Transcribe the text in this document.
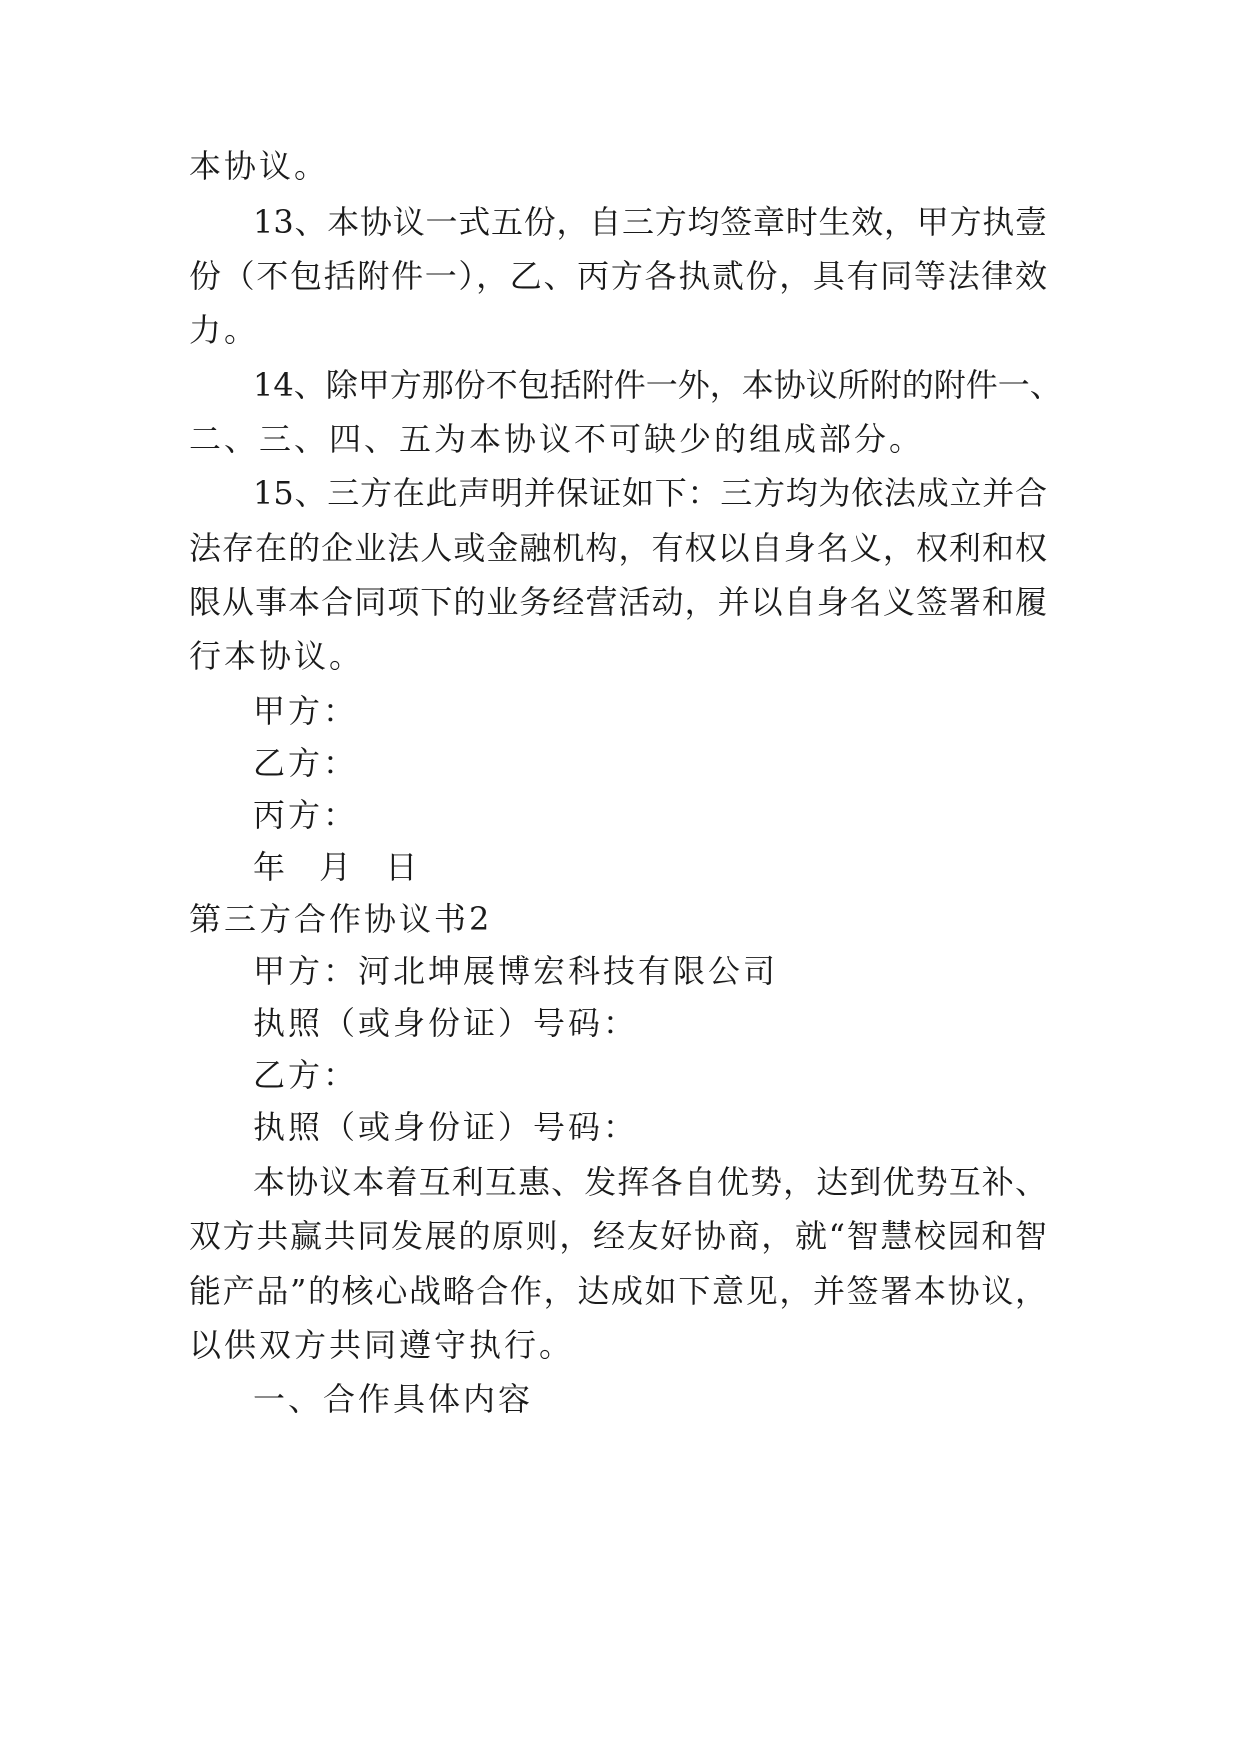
本协议。
13、本协议一式五份，自三方均签章时生效，甲方执壹
份（不包括附件一），乙、丙方各执贰份，具有同等法律效
力。
14、除甲方那份不包括附件一外，本协议所附的附件一、
二、三、四、五为本协议不可缺少的组成部分。
15、三方在此声明并保证如下：三方均为依法成立并合
法存在的企业法人或金融机构，有权以自身名义，权利和权
限从事本合同项下的业务经营活动，并以自身名义签署和履
行本协议。
甲方：
乙方：
丙方：
年 月 日
第三方合作协议书2
甲方：河北坤展博宏科技有限公司
执照（或身份证）号码：
乙方：
执照（或身份证）号码：
本协议本着互利互惠、发挥各自优势，达到优势互补、
双方共赢共同发展的原则，经友好协商，就“智慧校园和智
能产品”的核心战略合作，达成如下意见，并签署本协议，
以供双方共同遵守执行。
一、合作具体内容
